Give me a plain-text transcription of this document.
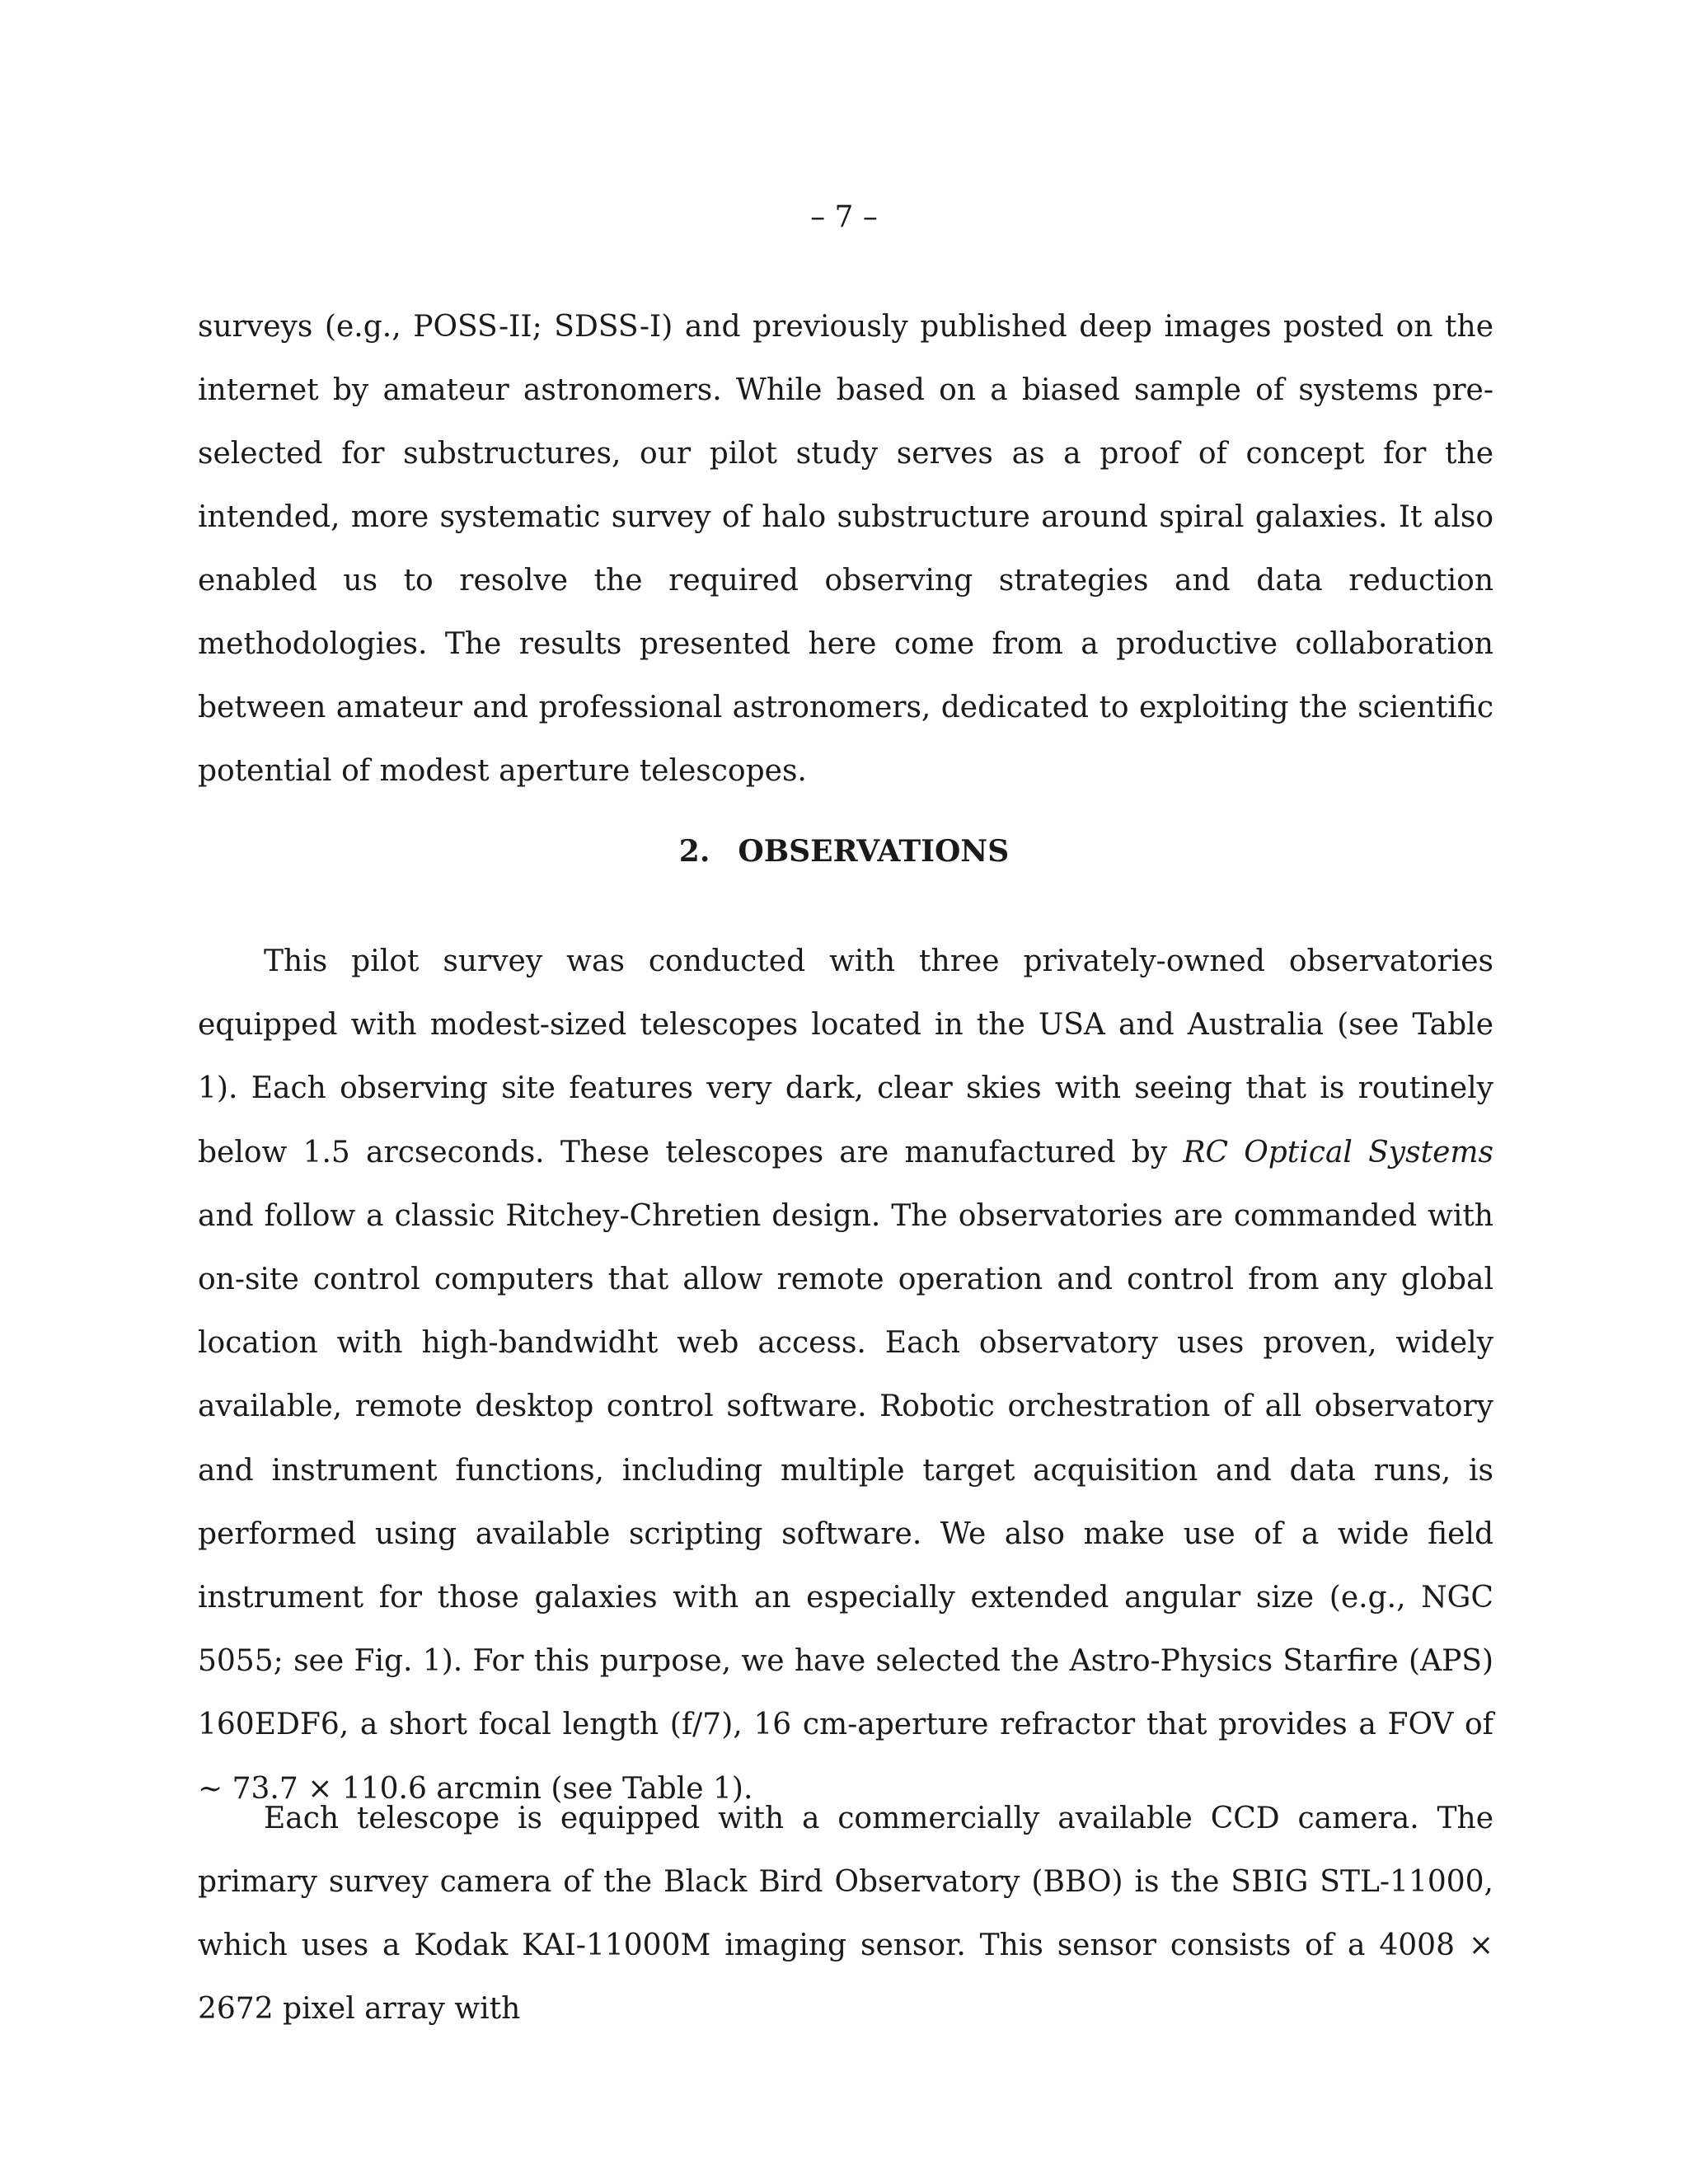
– 7 –

surveys (e.g., POSS-II; SDSS-I) and previously published deep images posted on the internet by amateur astronomers. While based on a biased sample of systems pre-selected for substructures, our pilot study serves as a proof of concept for the intended, more systematic survey of halo substructure around spiral galaxies. It also enabled us to resolve the required observing strategies and data reduction methodologies. The results presented here come from a productive collaboration between amateur and professional astronomers, dedicated to exploiting the scientific potential of modest aperture telescopes.

2. OBSERVATIONS

This pilot survey was conducted with three privately-owned observatories equipped with modest-sized telescopes located in the USA and Australia (see Table 1). Each observing site features very dark, clear skies with seeing that is routinely below 1.5 arcseconds. These telescopes are manufactured by RC Optical Systems and follow a classic Ritchey-Chretien design. The observatories are commanded with on-site control computers that allow remote operation and control from any global location with high-bandwidht web access. Each observatory uses proven, widely available, remote desktop control software. Robotic orchestration of all observatory and instrument functions, including multiple target acquisition and data runs, is performed using available scripting software. We also make use of a wide field instrument for those galaxies with an especially extended angular size (e.g., NGC 5055; see Fig. 1). For this purpose, we have selected the Astro-Physics Starfire (APS) 160EDF6, a short focal length (f/7), 16 cm-aperture refractor that provides a FOV of ∼ 73.7 × 110.6 arcmin (see Table 1).

Each telescope is equipped with a commercially available CCD camera. The primary survey camera of the Black Bird Observatory (BBO) is the SBIG STL-11000, which uses a Kodak KAI-11000M imaging sensor. This sensor consists of a 4008 × 2672 pixel array with
